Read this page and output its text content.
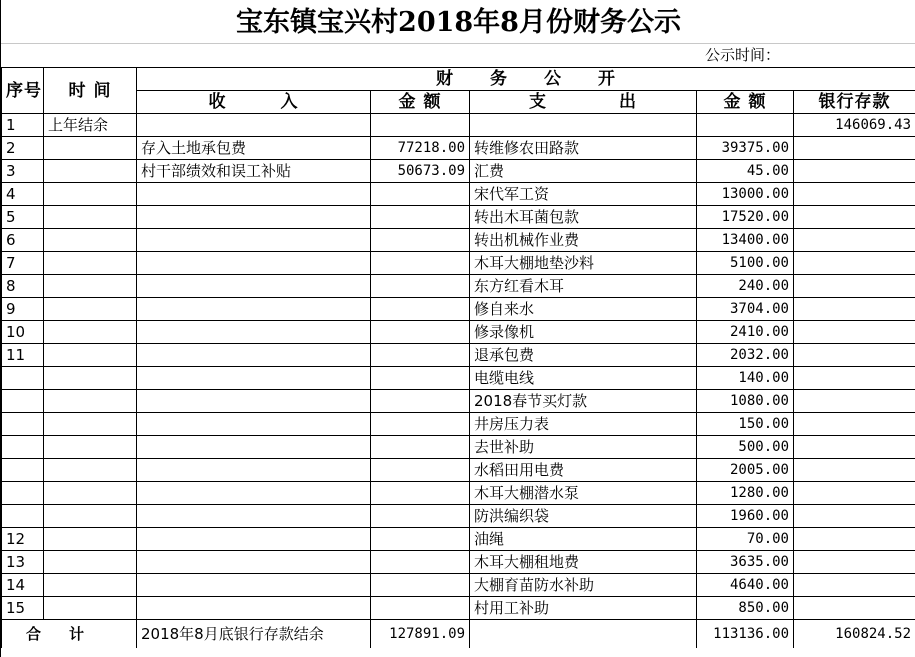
宝东镇宝兴村2018年8月份财务公示
公示时间：
序号	时 间	财　　务　　公　　开				
		收　　　入	金 额	支　　　　出	金 额	银行存款
1	上年结余					146069.43
2		存入土地承包费	77218.00	转维修农田路款	39375.00	
3		村干部绩效和误工补贴	50673.09	汇费	45.00	
4				宋代军工资	13000.00	
5				转出木耳菌包款	17520.00	
6				转出机械作业费	13400.00	
7				木耳大棚地垫沙料	5100.00	
8				东方红看木耳	240.00	
9				修自来水	3704.00	
10				修录像机	2410.00	
11				退承包费	2032.00	
				电缆电线	140.00	
				2018春节买灯款	1080.00	
				井房压力表	150.00	
				去世补助	500.00	
				水稻田用电费	2005.00	
				木耳大棚潜水泵	1280.00	
				防洪编织袋	1960.00	
12				油绳	70.00	
13				木耳大棚租地费	3635.00	
14				大棚育苗防水补助	4640.00	
15				村用工补助	850.00	
合计		2018年8月底银行存款结余	127891.09		113136.00	160824.52
